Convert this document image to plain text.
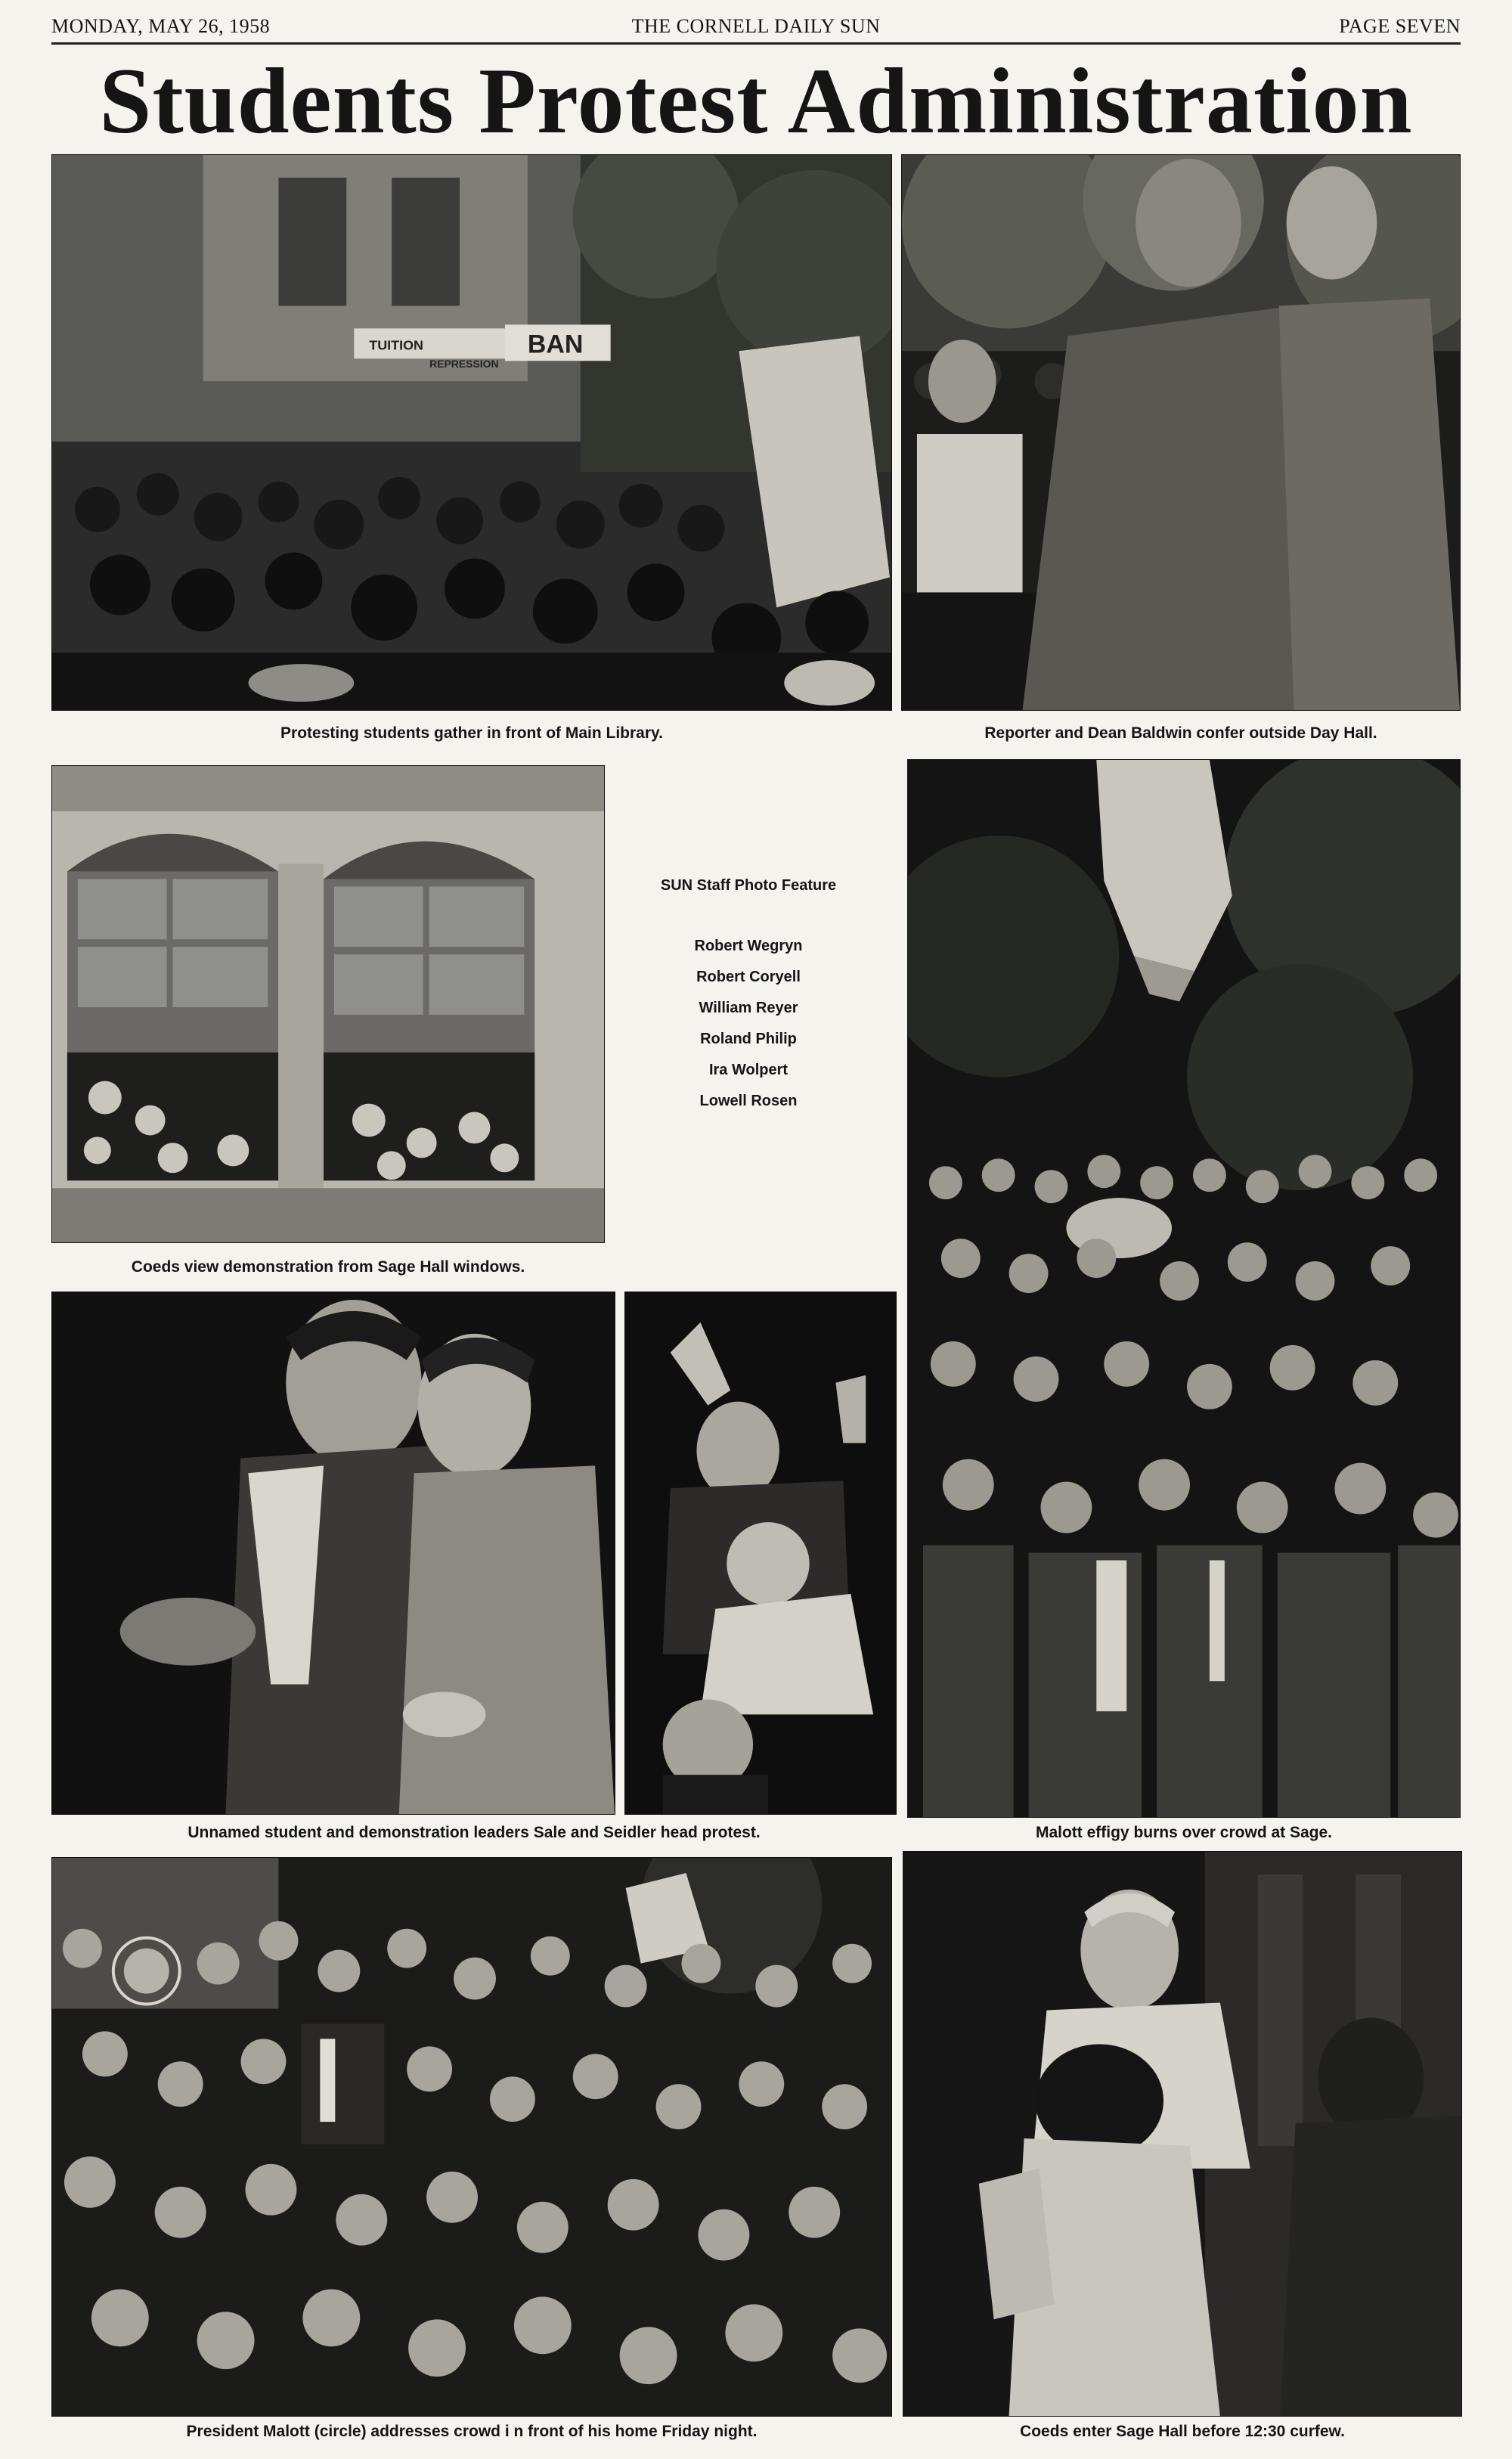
MONDAY, MAY 26, 1958	THE CORNELL DAILY SUN	PAGE SEVEN
Students Protest Administration
TUITION
REPRESSION
BAN
Protesting students gather in front of Main Library.	Reporter and Dean Baldwin confer outside Day Hall.
Coeds view demonstration from Sage Hall windows.
SUN Staff Photo Feature
Robert Wegryn
Robert Coryell
William Reyer
Roland Philip
Ira Wolpert
Lowell Rosen
Unnamed student and demonstration leaders Sale and Seidler head protest.	Malott effigy burns over crowd at Sage.
President Malott (circle) addresses crowd i n front of his home Friday night.	Coeds enter Sage Hall before 12:30 curfew.
